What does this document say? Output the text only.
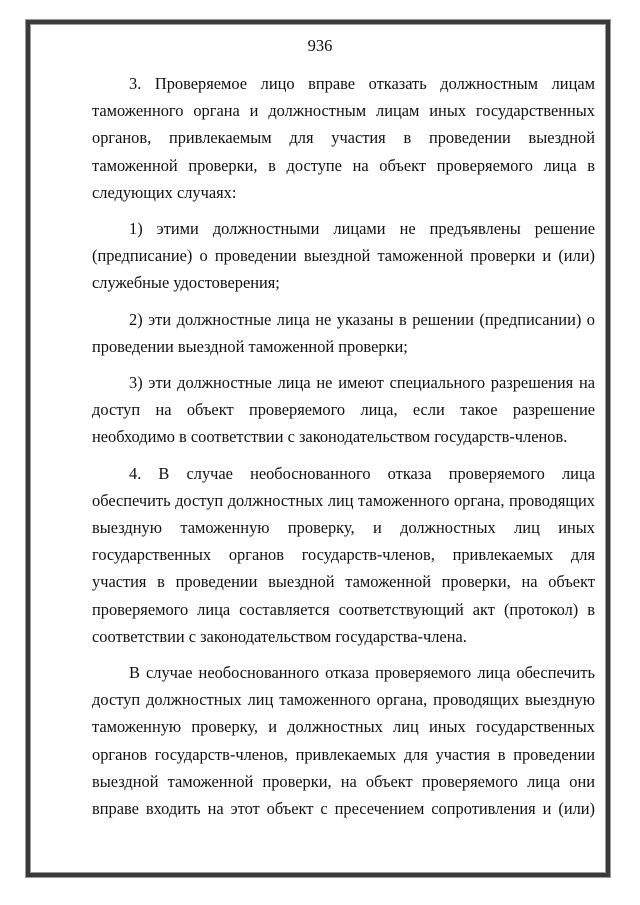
936

3. Проверяемое лицо вправе отказать должностным лицам таможенного органа и должностным лицам иных государственных органов, привлекаемым для участия в проведении выездной таможенной проверки, в доступе на объект проверяемого лица в следующих случаях:

1) этими должностными лицами не предъявлены решение (предписание) о проведении выездной таможенной проверки и (или) служебные удостоверения;

2) эти должностные лица не указаны в решении (предписании) о проведении выездной таможенной проверки;

3) эти должностные лица не имеют специального разрешения на доступ на объект проверяемого лица, если такое разрешение необходимо в соответствии с законодательством государств-членов.

4. В случае необоснованного отказа проверяемого лица обеспечить доступ должностных лиц таможенного органа, проводящих выездную таможенную проверку, и должностных лиц иных государственных органов государств-членов, привлекаемых для участия в проведении выездной таможенной проверки, на объект проверяемого лица составляется соответствующий акт (протокол) в соответствии с законодательством государства-члена.

В случае необоснованного отказа проверяемого лица обеспечить доступ должностных лиц таможенного органа, проводящих выездную таможенную проверку, и должностных лиц иных государственных органов государств-членов, привлекаемых для участия в проведении выездной таможенной проверки, на объект проверяемого лица они вправе входить на этот объект с пресечением сопротивления и (или)
